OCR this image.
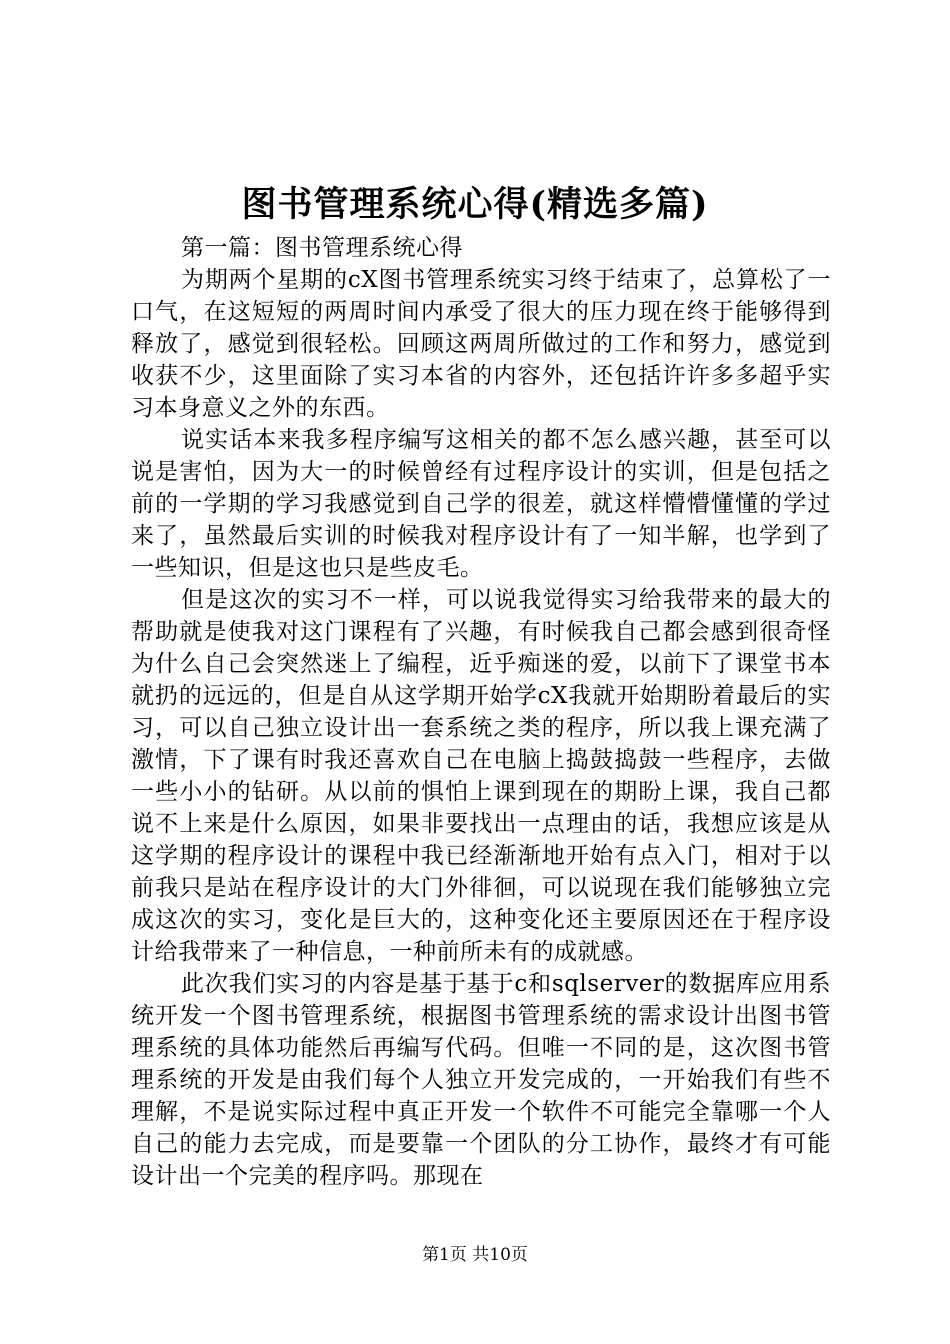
图书管理系统心得(精选多篇)

第一篇：图书管理系统心得

为期两个星期的cX图书管理系统实习终于结束了，总算松了一口气，在这短短的两周时间内承受了很大的压力现在终于能够得到释放了，感觉到很轻松。回顾这两周所做过的工作和努力，感觉到收获不少，这里面除了实习本省的内容外，还包括许许多多超乎实习本身意义之外的东西。

说实话本来我多程序编写这相关的都不怎么感兴趣，甚至可以说是害怕，因为大一的时候曾经有过程序设计的实训，但是包括之前的一学期的学习我感觉到自己学的很差，就这样懵懵懂懂的学过来了，虽然最后实训的时候我对程序设计有了一知半解，也学到了一些知识，但是这也只是些皮毛。

但是这次的实习不一样，可以说我觉得实习给我带来的最大的帮助就是使我对这门课程有了兴趣，有时候我自己都会感到很奇怪为什么自己会突然迷上了编程，近乎痴迷的爱，以前下了课堂书本就扔的远远的，但是自从这学期开始学cX我就开始期盼着最后的实习，可以自己独立设计出一套系统之类的程序，所以我上课充满了激情，下了课有时我还喜欢自己在电脑上捣鼓捣鼓一些程序，去做一些小小的钻研。从以前的惧怕上课到现在的期盼上课，我自己都说不上来是什么原因，如果非要找出一点理由的话，我想应该是从这学期的程序设计的课程中我已经渐渐地开始有点入门，相对于以前我只是站在程序设计的大门外徘徊，可以说现在我们能够独立完成这次的实习，变化是巨大的，这种变化还主要原因还在于程序设计给我带来了一种信息，一种前所未有的成就感。

此次我们实习的内容是基于基于c和sqlserver的数据库应用系统开发一个图书管理系统，根据图书管理系统的需求设计出图书管理系统的具体功能然后再编写代码。但唯一不同的是，这次图书管理系统的开发是由我们每个人独立开发完成的，一开始我们有些不理解，不是说实际过程中真正开发一个软件不可能完全靠哪一个人自己的能力去完成，而是要靠一个团队的分工协作，最终才有可能设计出一个完美的程序吗。那现在

第1页 共10页
